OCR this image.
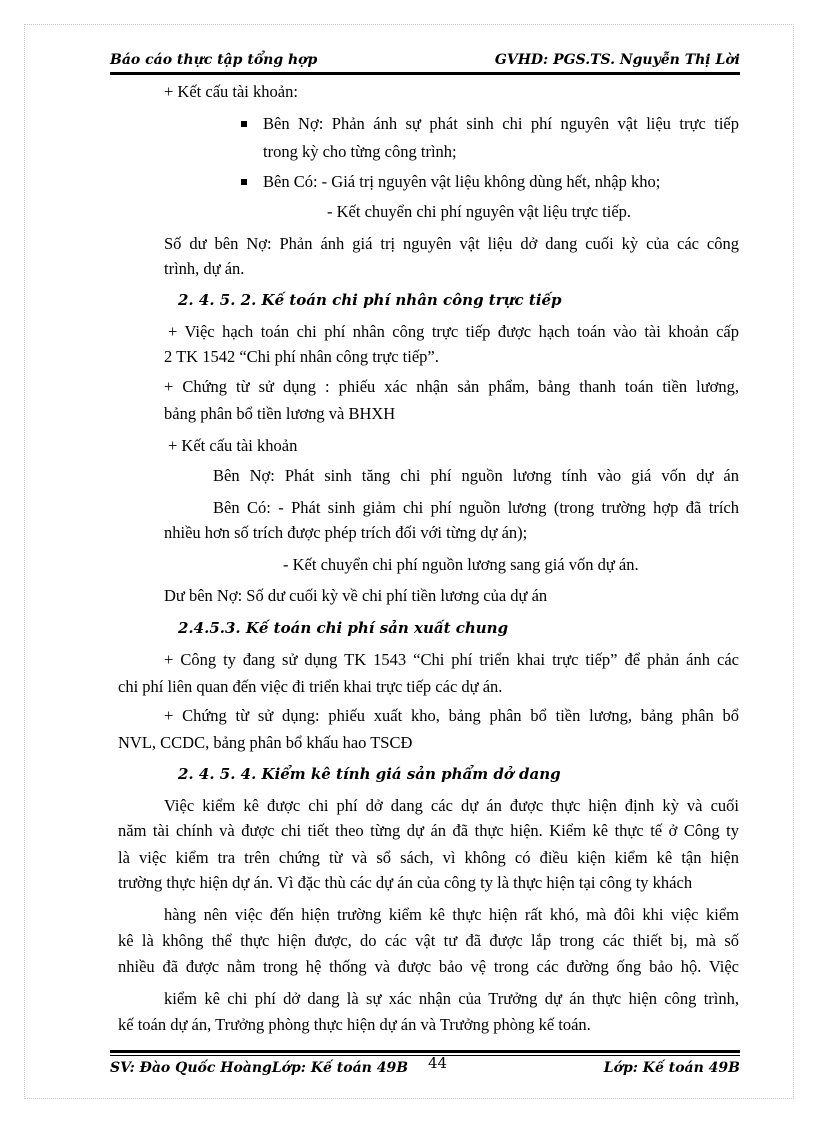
Báo cáo thực tập tổng hợp	GVHD: PGS.TS. Nguyễn Thị Lời
+ Kết cấu tài khoản:
Bên Nợ: Phản ánh sự phát sinh chi phí nguyên vật liệu trực tiếp
trong kỳ cho từng công trình;
Bên Có: - Giá trị nguyên vật liệu không dùng hết, nhập kho;
- Kết chuyển chi phí nguyên vật liệu trực tiếp.
Số dư bên Nợ: Phản ánh giá trị nguyên vật liệu dở dang cuối kỳ của các công
trình, dự án.
2. 4. 5. 2. Kế toán chi phí nhân công trực tiếp
+ Việc hạch toán chi phí nhân công trực tiếp được hạch toán vào tài khoản cấp
2 TK 1542 “Chi phí nhân công trực tiếp”.
+ Chứng từ sử dụng : phiếu xác nhận sản phẩm, bảng thanh toán tiền lương,
bảng phân bổ tiền lương và BHXH
+ Kết cấu tài khoản
Bên Nợ: Phát sinh tăng chi phí nguồn lương tính vào giá vốn dự án
Bên Có: - Phát sinh giảm chi phí nguồn lương (trong trường hợp đã trích
nhiều hơn số trích được phép trích đối với từng dự án);
- Kết chuyển chi phí nguồn lương sang giá vốn dự án.
Dư bên Nợ: Số dư cuối kỳ về chi phí tiền lương của dự án
2.4.5.3. Kế toán chi phí sản xuất chung
+ Công ty đang sử dụng TK 1543 “Chi phí triển khai trực tiếp” để phản ánh các
chi phí liên quan đến việc đi triển khai trực tiếp các dự án.
+ Chứng từ sử dụng: phiếu xuất kho, bảng phân bổ tiền lương, bảng phân bổ
NVL, CCDC, bảng phân bổ khấu hao TSCĐ
2. 4. 5. 4. Kiểm kê tính giá sản phẩm dở dang
Việc kiểm kê được chi phí dở dang các dự án được thực hiện định kỳ và cuối
năm tài chính và được chi tiết theo từng dự án đã thực hiện. Kiểm kê thực tế ở Công ty
là việc kiểm tra trên chứng từ và sổ sách, vì không có điều kiện kiểm kê tận hiện
trường thực hiện dự án. Vì đặc thù các dự án của công ty là thực hiện tại công ty khách
hàng nên việc đến hiện trường kiểm kê thực hiện rất khó, mà đôi khi việc kiểm
kê là không thể thực hiện được, do các vật tư đã được lắp trong các thiết bị, mà số
nhiều đã được nằm trong hệ thống và được bảo vệ trong các đường ống bảo hộ. Việc
kiểm kê chi phí dở dang là sự xác nhận của Trưởng dự án thực hiện công trình,
kế toán dự án, Trưởng phòng thực hiện dự án và Trưởng phòng kế toán.
SV: Đào Quốc HoàngLớp: Kế toán 49B 44	Lớp: Kế toán 49B
